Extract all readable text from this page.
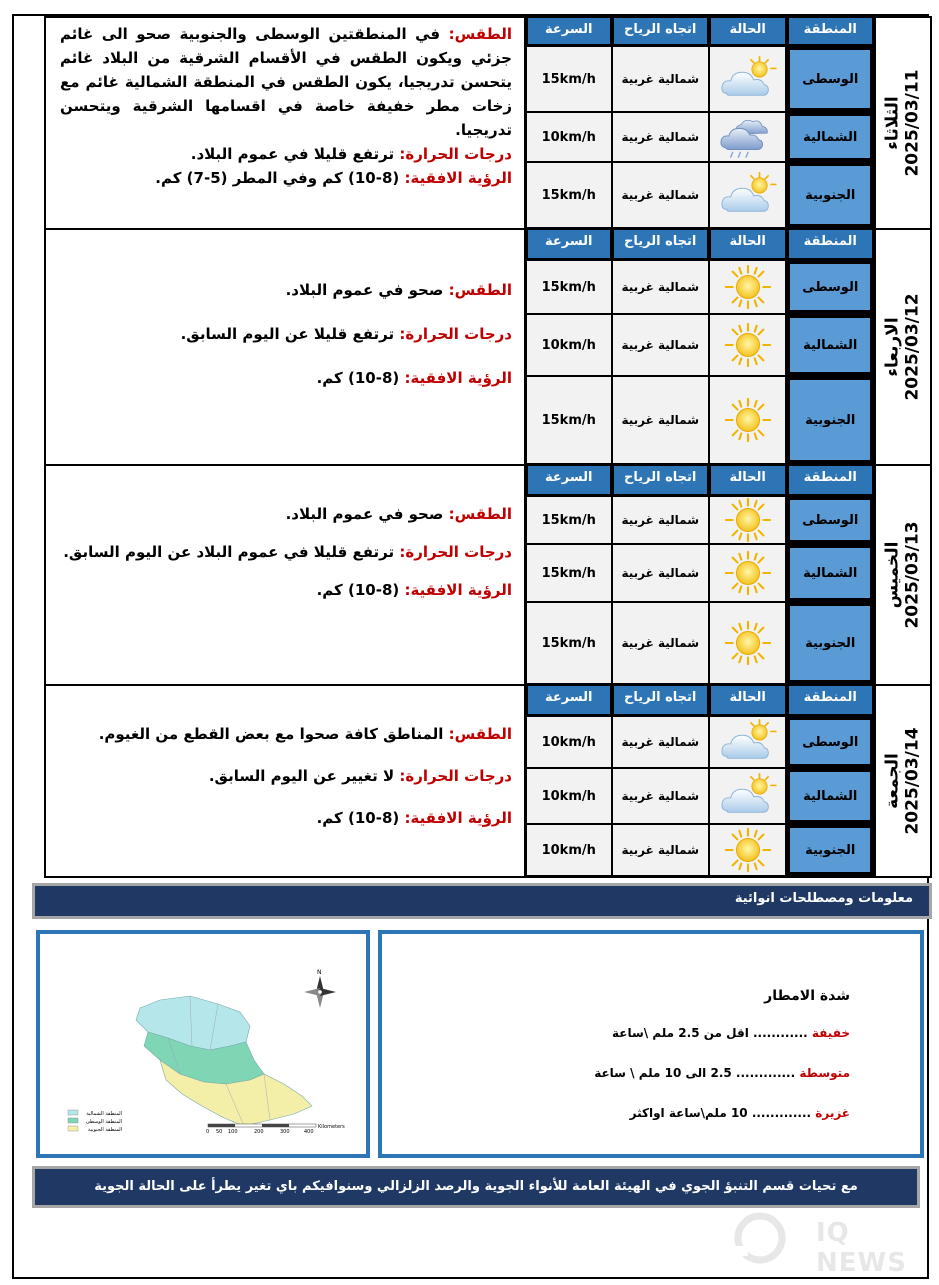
الطقس: في المنطقتين الوسطى والجنوبية صحو الى غائم جزئي ويكون الطقس في الأقسام الشرقية من البلاد غائم يتحسن تدريجيا، يكون الطقس في المنطقة الشمالية غائم مع زخات مطر خفيفة خاصة في اقسامها الشرقية ويتحسن تدريجيا.

درجات الحرارة: ترتفع قليلا في عموم البلاد.

الرؤية الافقية: (8-10) كم وفي المطر (5-7) كم.

المنطقة
الحالة
اتجاه الرياح
السرعة
الوسطى
شمالية غربية
15km/h
الشمالية
شمالية غربية
10km/h
الجنوبية
شمالية غربية
15km/h
الثلاثاء 2025/03/11

الطقس: صحو في عموم البلاد.

درجات الحرارة: ترتفع قليلا عن اليوم السابق.

الرؤية الافقية: (8-10) كم.

المنطقة
الحالة
اتجاه الرياح
السرعة
الوسطى
شمالية غربية
15km/h
الشمالية
شمالية غربية
10km/h
الجنوبية
شمالية غربية
15km/h
الاربعاء 2025/03/12

الطقس: صحو في عموم البلاد.

درجات الحرارة: ترتفع قليلا في عموم البلاد عن اليوم السابق.

الرؤية الافقية: (8-10) كم.

المنطقة
الحالة
اتجاه الرياح
السرعة
الوسطى
شمالية غربية
15km/h
الشمالية
شمالية غربية
15km/h
الجنوبية
شمالية غربية
15km/h
الخميس 2025/03/13

الطقس: المناطق كافة صحوا مع بعض القطع من الغيوم.

درجات الحرارة: لا تغيير عن اليوم السابق.

الرؤية الافقية: (8-10) كم.

المنطقة
الحالة
اتجاه الرياح
السرعة
الوسطى
شمالية غربية
10km/h
الشمالية
شمالية غربية
10km/h
الجنوبية
شمالية غربية
10km/h
الجمعة 2025/03/14
معلومات ومصطلحات انوائية
N
المنطقة الشمالية
المنطقة الوسطى
المنطقة الجنوبية	0 50 100	200	300	400
Kilometers
شدة الامطار
خفيفة ............ اقل من 2.5 ملم \ساعة
متوسطة ............. 2.5 الى 10 ملم \ ساعة
غزيرة ............. 10 ملم\ساعة اواكثر
مع تحيات قسم التنبؤ الجوي في الهيئة العامة للأنواء الجوية والرصد الزلزالي وسنوافيكم باي تغير يطرأ على الحالة الجوية
IQ NEWS
